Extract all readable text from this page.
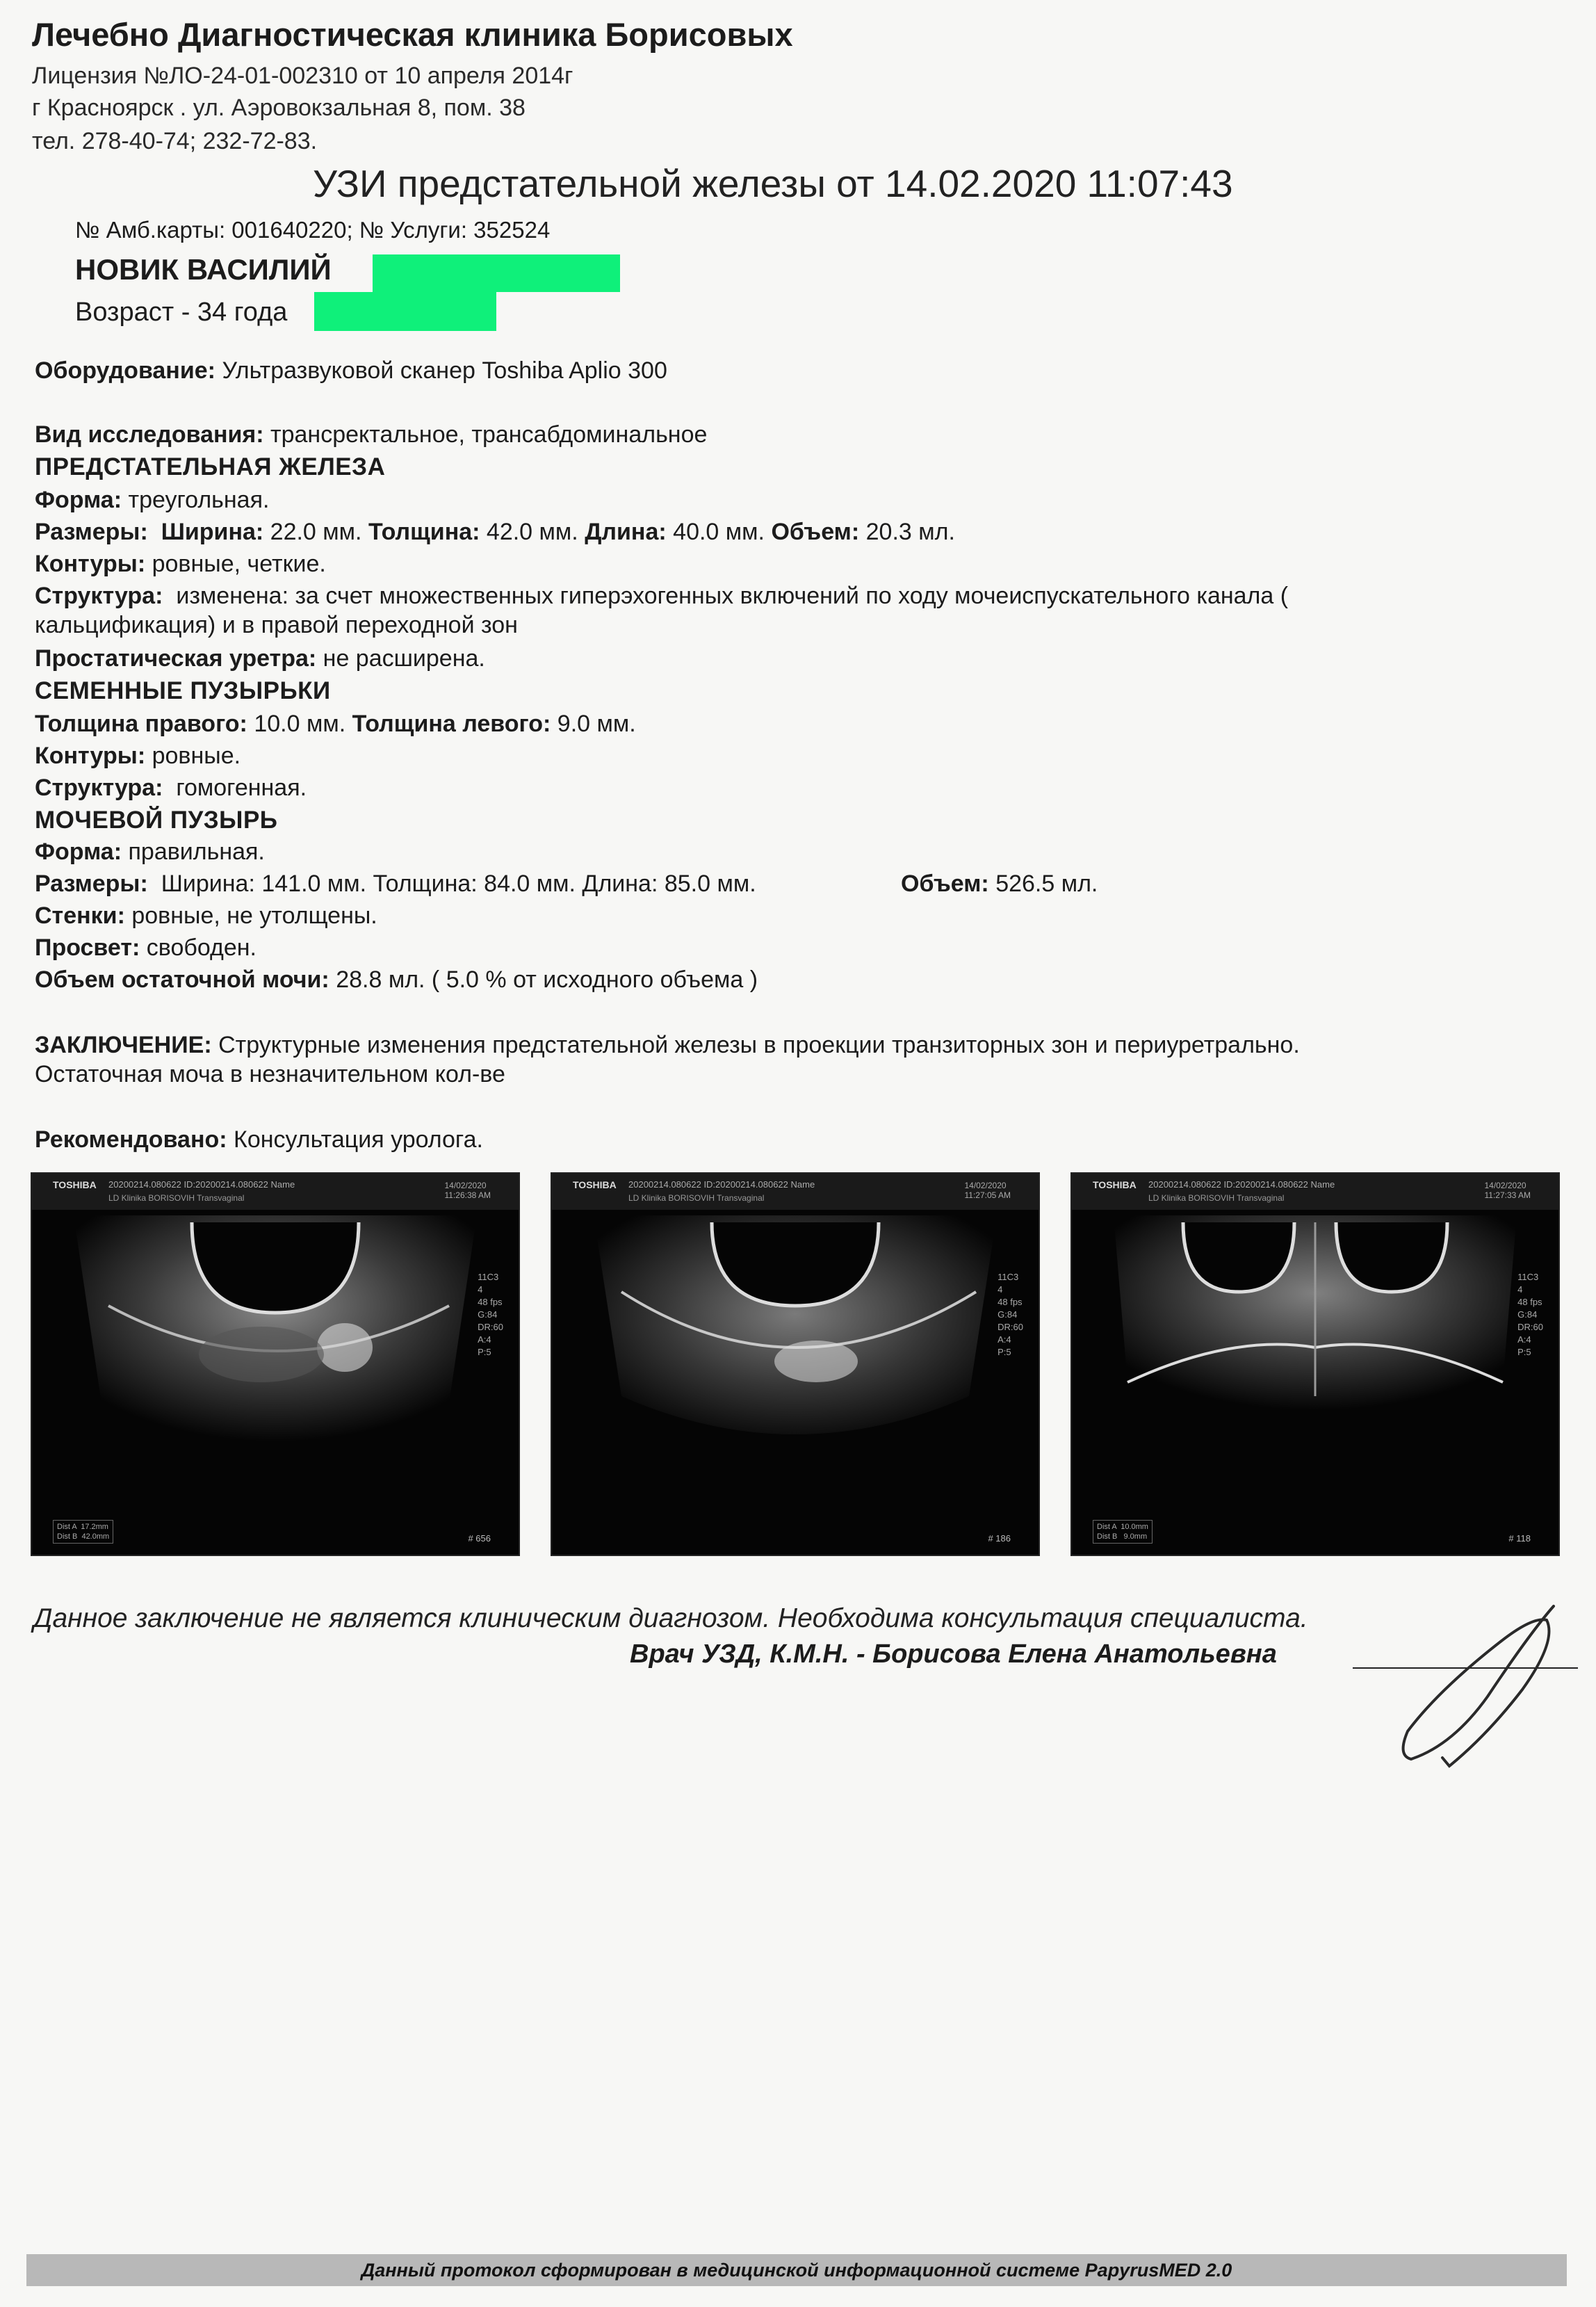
Лечебно Диагностическая клиника Борисовых
Лицензия №ЛО-24-01-002310 от 10 апреля 2014г
г Красноярск . ул. Аэровокзальная 8, пом. 38
тел. 278-40-74; 232-72-83.
УЗИ предстательной железы от 14.02.2020 11:07:43
№ Амб.карты: 001640220; № Услуги: 352524
НОВИК ВАСИЛИЙ
Возраст - 34 года
Оборудование: Ультразвуковой сканер Toshiba Aplio 300
Вид исследования: трансректальное, трансабдоминальное
ПРЕДСТАТЕЛЬНАЯ ЖЕЛЕЗА
Форма: треугольная.
Размеры: Ширина: 22.0 мм. Толщина: 42.0 мм. Длина: 40.0 мм. Объем: 20.3 мл.
Контуры: ровные, четкие.
Структура: изменена: за счет множественных гиперэхогенных включений по ходу мочеиспускательного канала (
кальцификация) и в правой переходной зон
Простатическая уретра: не расширена.
СЕМЕННЫЕ ПУЗЫРЬКИ
Толщина правого: 10.0 мм. Толщина левого: 9.0 мм.
Контуры: ровные.
Структура: гомогенная.
МОЧЕВОЙ ПУЗЫРЬ
Форма: правильная.
Размеры: Ширина: 141.0 мм. Толщина: 84.0 мм. Длина: 85.0 мм.	Объем: 526.5 мл.
Стенки: ровные, не утолщены.
Просвет: свободен.
Объем остаточной мочи: 28.8 мл. ( 5.0 % от исходного объема )
ЗАКЛЮЧЕНИЕ: Структурные изменения предстательной железы в проекции транзиторных зон и периуретрально.
Остаточная моча в незначительном кол-ве
Рекомендовано: Консультация уролога.
TOSHIBA 20200214.080622 ID:20200214.080622 Name
LD Klinika BORISOVIH Transvaginal
14/02/2020
11:26:38 AM
11C3
4
48 fps
G:84
DR:60
A:4
P:5
Dist A  17.2mm
Dist B  42.0mm	# 656
TOSHIBA 20200214.080622 ID:20200214.080622 Name
LD Klinika BORISOVIH Transvaginal
14/02/2020
11:27:05 AM
11C3
4
48 fps
G:84
DR:60
A:4
P:5
# 186
TOSHIBA 20200214.080622 ID:20200214.080622 Name
LD Klinika BORISOVIH Transvaginal
14/02/2020
11:27:33 AM
11C3
4
48 fps
G:84
DR:60
A:4
P:5
Dist A  10.0mm
Dist B   9.0mm	# 118
Данное заключение не является клиническим диагнозом. Необходима консультация специалиста.
Врач УЗД, К.М.Н. - Борисова Елена Анатольевна
Данный протокол сформирован в медицинской информационной системе PapyrusMED 2.0
